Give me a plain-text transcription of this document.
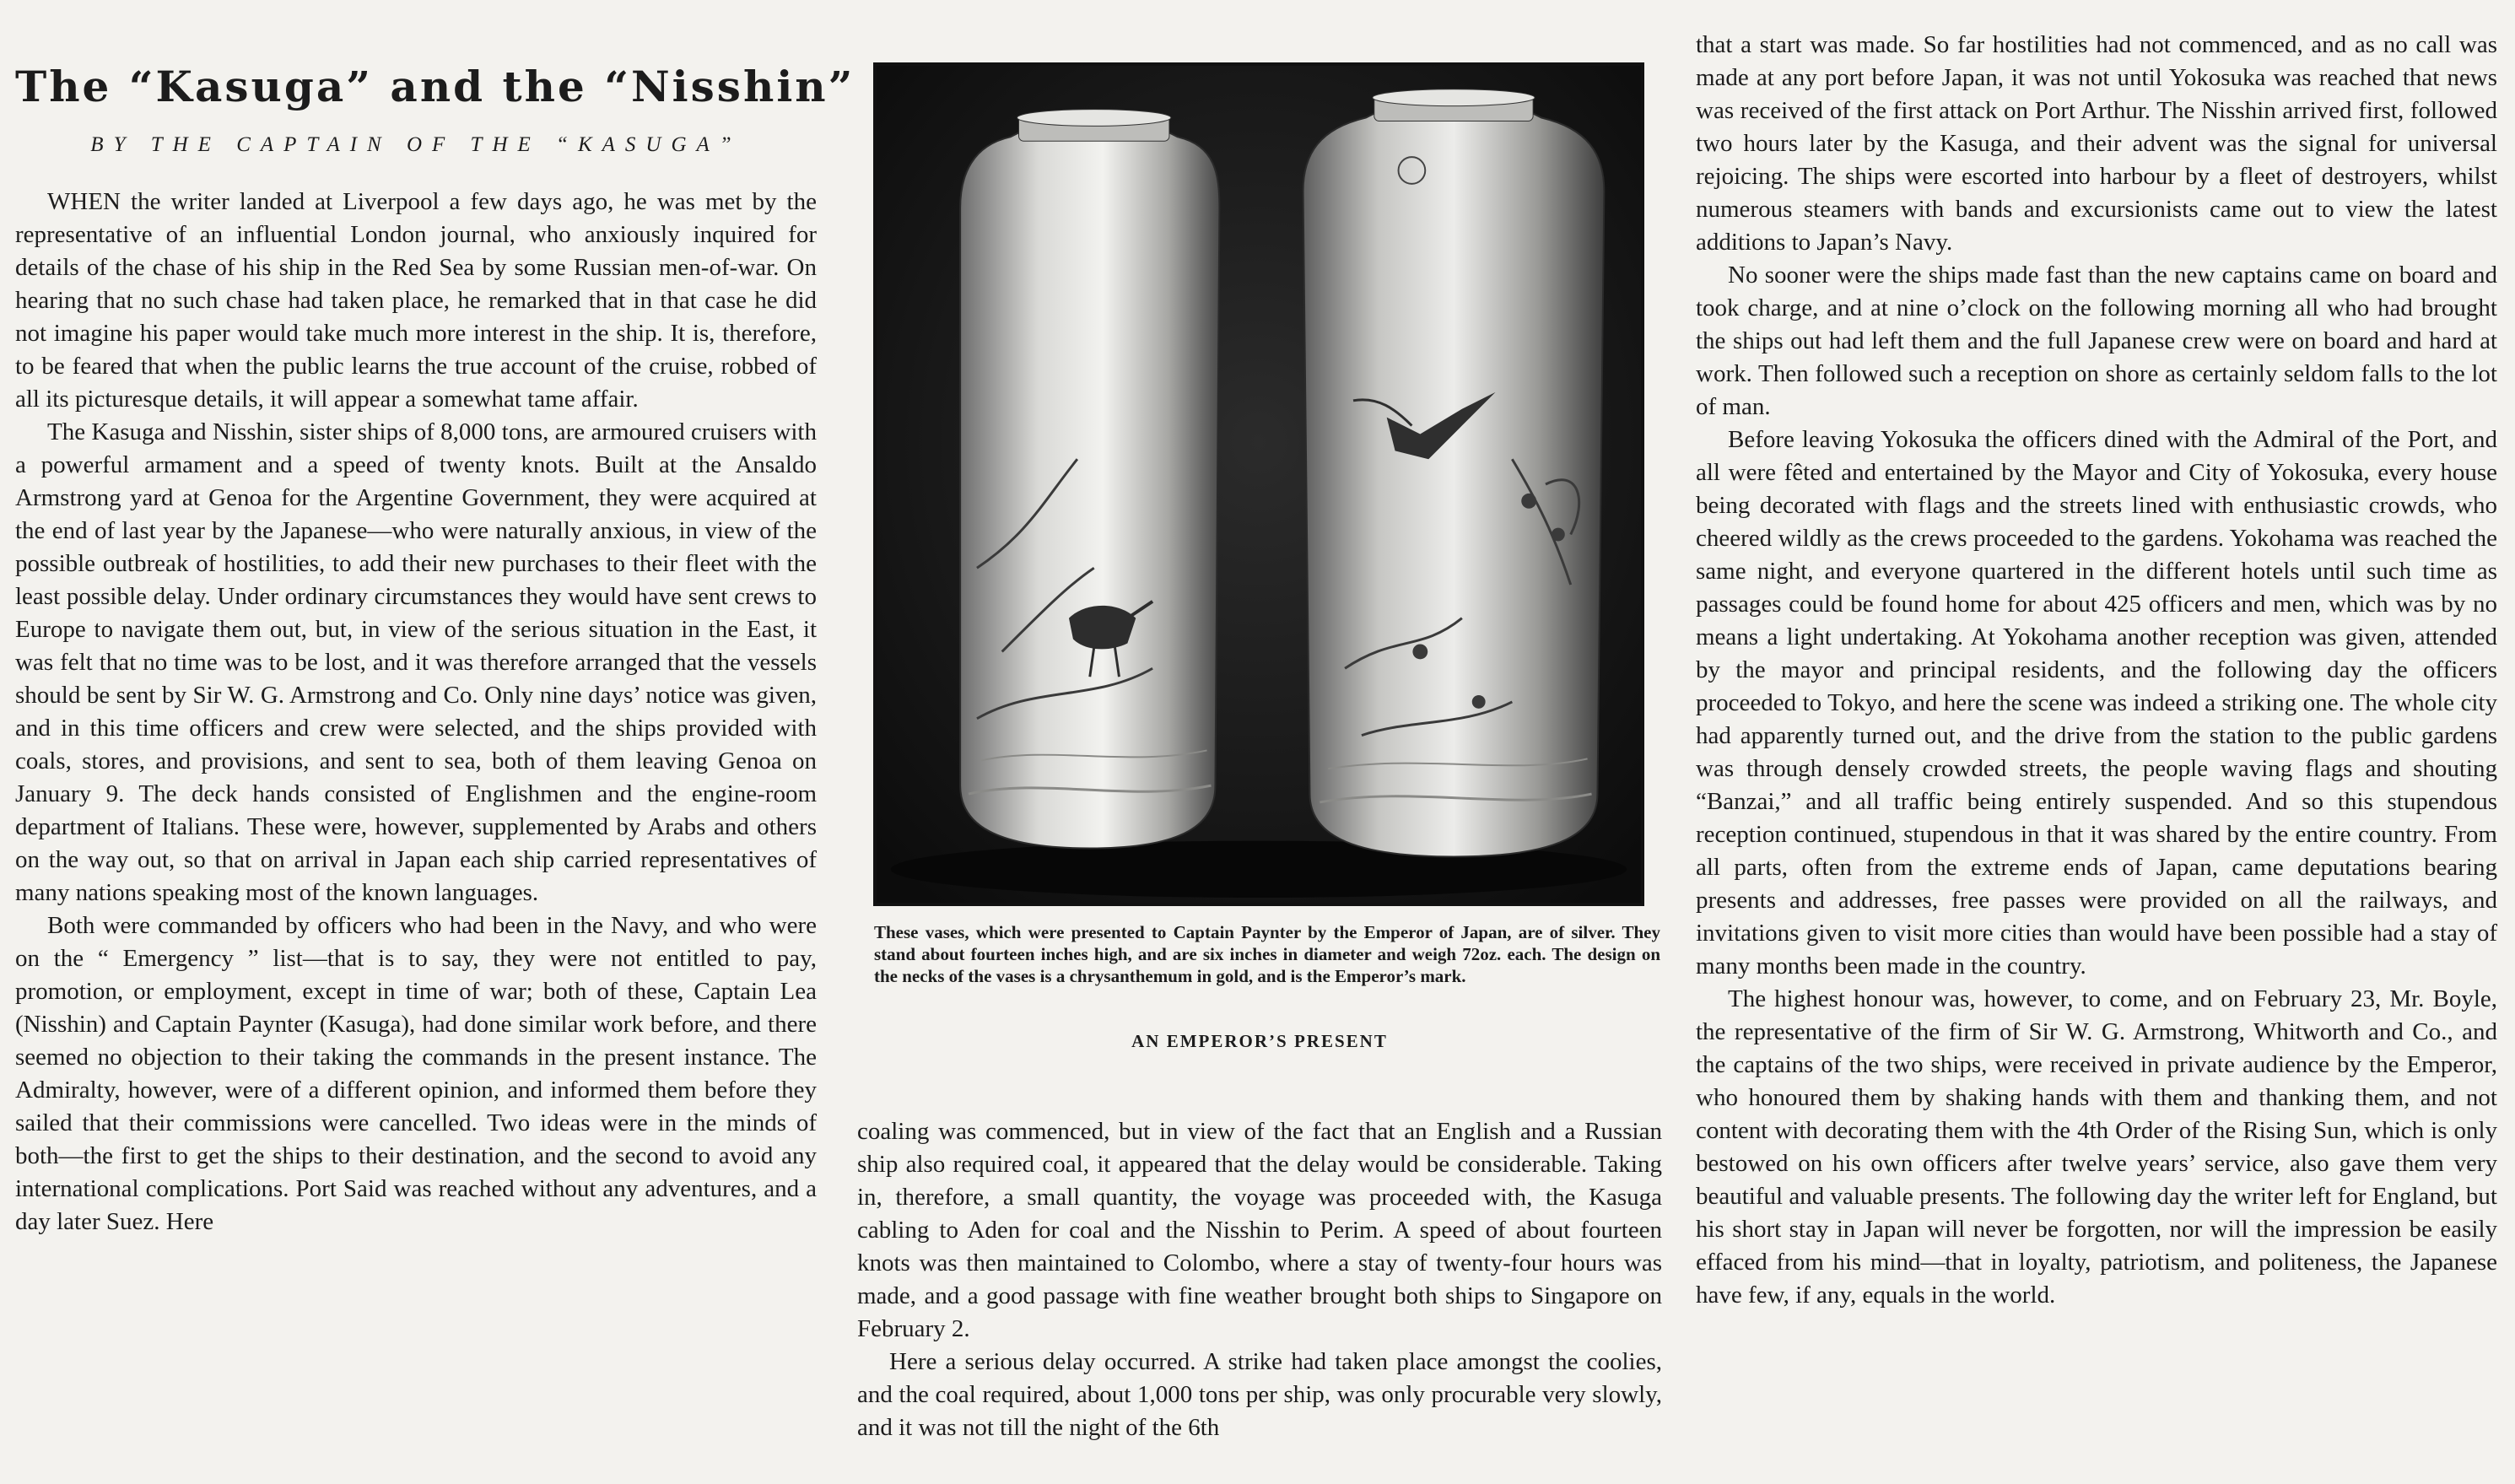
The “Kasuga” and the “Nisshin”
BY THE CAPTAIN OF THE “KASUGA”

WHEN the writer landed at Liverpool a few days ago, he was met by the representative of an influential London journal, who anxiously inquired for details of the chase of his ship in the Red Sea by some Russian men-of-war. On hearing that no such chase had taken place, he remarked that in that case he did not imagine his paper would take much more interest in the ship. It is, therefore, to be feared that when the public learns the true account of the cruise, robbed of all its picturesque details, it will appear a somewhat tame affair.

The Kasuga and Nisshin, sister ships of 8,000 tons, are armoured cruisers with a powerful armament and a speed of twenty knots. Built at the Ansaldo Armstrong yard at Genoa for the Argentine Government, they were acquired at the end of last year by the Japanese—who were naturally anxious, in view of the possible outbreak of hostilities, to add their new purchases to their fleet with the least possible delay. Under ordinary circumstances they would have sent crews to Europe to navigate them out, but, in view of the serious situation in the East, it was felt that no time was to be lost, and it was therefore arranged that the vessels should be sent by Sir W. G. Armstrong and Co. Only nine days’ notice was given, and in this time officers and crew were selected, and the ships provided with coals, stores, and provisions, and sent to sea, both of them leaving Genoa on January 9. The deck hands consisted of Englishmen and the engine-room department of Italians. These were, however, supplemented by Arabs and others on the way out, so that on arrival in Japan each ship carried representatives of many nations speaking most of the known languages.

Both were commanded by officers who had been in the Navy, and who were on the “ Emergency ” list—that is to say, they were not entitled to pay, promotion, or employment, except in time of war; both of these, Captain Lea (Nisshin) and Captain Paynter (Kasuga), had done similar work before, and there seemed no objection to their taking the commands in the present instance. The Admiralty, however, were of a different opinion, and informed them before they sailed that their commissions were cancelled. Two ideas were in the minds of both—the first to get the ships to their destination, and the second to avoid any international complications. Port Said was reached without any adventures, and a day later Suez. Here

These vases, which were presented to Captain Paynter by the Emperor of Japan, are of silver. They stand about fourteen inches high, and are six inches in diameter and weigh 72oz. each. The design on the necks of the vases is a chrysanthemum in gold, and is the Emperor’s mark.

AN EMPEROR’S PRESENT

coaling was commenced, but in view of the fact that an English and a Russian ship also required coal, it appeared that the delay would be considerable. Taking in, therefore, a small quantity, the voyage was proceeded with, the Kasuga cabling to Aden for coal and the Nisshin to Perim. A speed of about fourteen knots was then maintained to Colombo, where a stay of twenty-four hours was made, and a good passage with fine weather brought both ships to Singapore on February 2.

Here a serious delay occurred. A strike had taken place amongst the coolies, and the coal required, about 1,000 tons per ship, was only procurable very slowly, and it was not till the night of the 6th

that a start was made. So far hostilities had not commenced, and as no call was made at any port before Japan, it was not until Yokosuka was reached that news was received of the first attack on Port Arthur. The Nisshin arrived first, followed two hours later by the Kasuga, and their advent was the signal for universal rejoicing. The ships were escorted into harbour by a fleet of destroyers, whilst numerous steamers with bands and excursionists came out to view the latest additions to Japan’s Navy.

No sooner were the ships made fast than the new captains came on board and took charge, and at nine o’clock on the following morning all who had brought the ships out had left them and the full Japanese crew were on board and hard at work. Then followed such a reception on shore as certainly seldom falls to the lot of man.

Before leaving Yokosuka the officers dined with the Admiral of the Port, and all were fêted and entertained by the Mayor and City of Yokosuka, every house being decorated with flags and the streets lined with enthusiastic crowds, who cheered wildly as the crews proceeded to the gardens. Yokohama was reached the same night, and everyone quartered in the different hotels until such time as passages could be found home for about 425 officers and men, which was by no means a light undertaking. At Yokohama another reception was given, attended by the mayor and principal residents, and the following day the officers proceeded to Tokyo, and here the scene was indeed a striking one. The whole city had apparently turned out, and the drive from the station to the public gardens was through densely crowded streets, the people waving flags and shouting “Banzai,” and all traffic being entirely suspended. And so this stupendous reception continued, stupendous in that it was shared by the entire country. From all parts, often from the extreme ends of Japan, came deputations bearing presents and addresses, free passes were provided on all the railways, and invitations given to visit more cities than would have been possible had a stay of many months been made in the country.

The highest honour was, however, to come, and on February 23, Mr. Boyle, the representative of the firm of Sir W. G. Armstrong, Whitworth and Co., and the captains of the two ships, were received in private audience by the Emperor, who honoured them by shaking hands with them and thanking them, and not content with decorating them with the 4th Order of the Rising Sun, which is only bestowed on his own officers after twelve years’ service, also gave them very beautiful and valuable presents. The following day the writer left for England, but his short stay in Japan will never be forgotten, nor will the impression be easily effaced from his mind—that in loyalty, patriotism, and politeness, the Japanese have few, if any, equals in the world.
